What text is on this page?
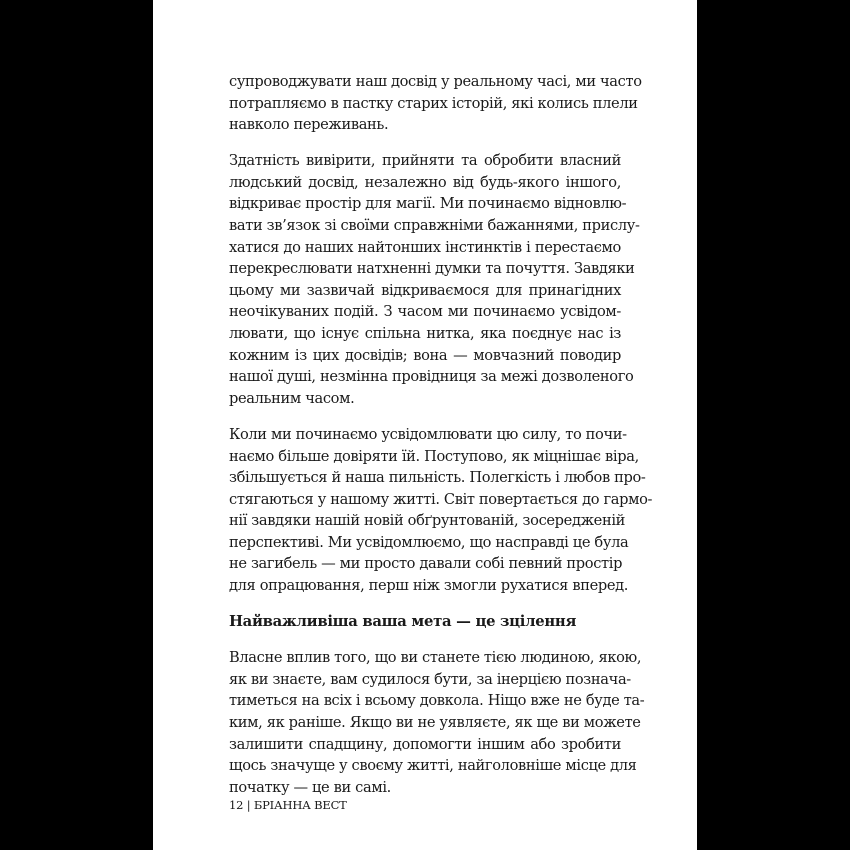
супроводжувати наш досвід у реальному часі, ми часто
потрапляємо в пастку старих історій, які колись плели
навколо переживань.

Здатність вивірити, прийняти та обробити власний
людський досвід, незалежно від будь-якого іншого,
відкриває простір для магії. Ми починаємо відновлю-
вати зв’язок зі своїми справжніми бажаннями, прислу-
хатися до наших найтонших інстинктів і перестаємо
перекреслювати натхненні думки та почуття. Завдяки
цьому ми зазвичай відкриваємося для принагідних
неочікуваних подій. З часом ми починаємо усвідом-
лювати, що існує спільна нитка, яка поєднує нас із
кожним із цих досвідів; вона — мовчазний поводир
нашої душі, незмінна провідниця за межі дозволеного
реальним часом.

Коли ми починаємо усвідомлювати цю силу, то почи-
наємо більше довіряти їй. Поступово, як міцнішає віра,
збільшується й наша пильність. Полегкість і любов про-
стягаються у нашому житті. Світ повертається до гармо-
нії завдяки нашій новій обґрунтованій, зосередженій
перспективі. Ми усвідомлюємо, що насправді це була
не загибель — ми просто давали собі певний простір
для опрацювання, перш ніж змогли рухатися вперед.

Найважливіша ваша мета — це зцілення

Власне вплив того, що ви станете тією людиною, якою,
як ви знаєте, вам судилося бути, за інерцією познача-
тиметься на всіх і всьому довкола. Ніщо вже не буде та-
ким, як раніше. Якщо ви не уявляєте, як ще ви можете
залишити спадщину, допомогти іншим або зробити
щось значуще у своєму житті, найголовніше місце для
початку — це ви самі.

12 | БРІАННА ВЕСТ
